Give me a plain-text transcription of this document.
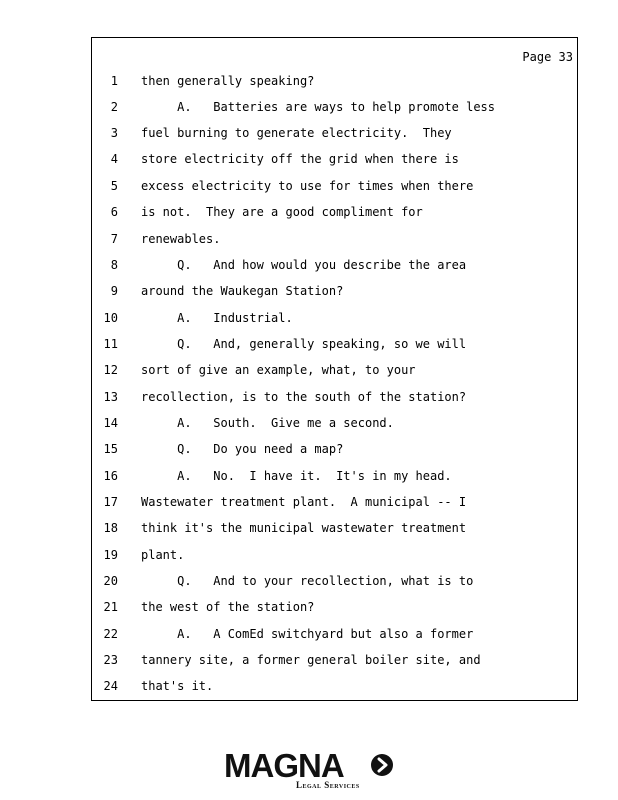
Page 33
1 then generally speaking?
2 A.   Batteries are ways to help promote less
3 fuel burning to generate electricity.  They
4 store electricity off the grid when there is
5 excess electricity to use for times when there
6 is not.  They are a good compliment for
7 renewables.
8 Q.   And how would you describe the area
9 around the Waukegan Station?
10 A.   Industrial.
11 Q.   And, generally speaking, so we will
12 sort of give an example, what, to your
13 recollection, is to the south of the station?
14 A.   South.  Give me a second.
15 Q.   Do you need a map?
16 A.   No.  I have it.  It's in my head.
17 Wastewater treatment plant.  A municipal -- I
18 think it's the municipal wastewater treatment
19 plant.
20 Q.   And to your recollection, what is to
21 the west of the station?
22 A.   A ComEd switchyard but also a former
23 tannery site, a former general boiler site, and
24 that's it.
MAGNA
Legal Services
